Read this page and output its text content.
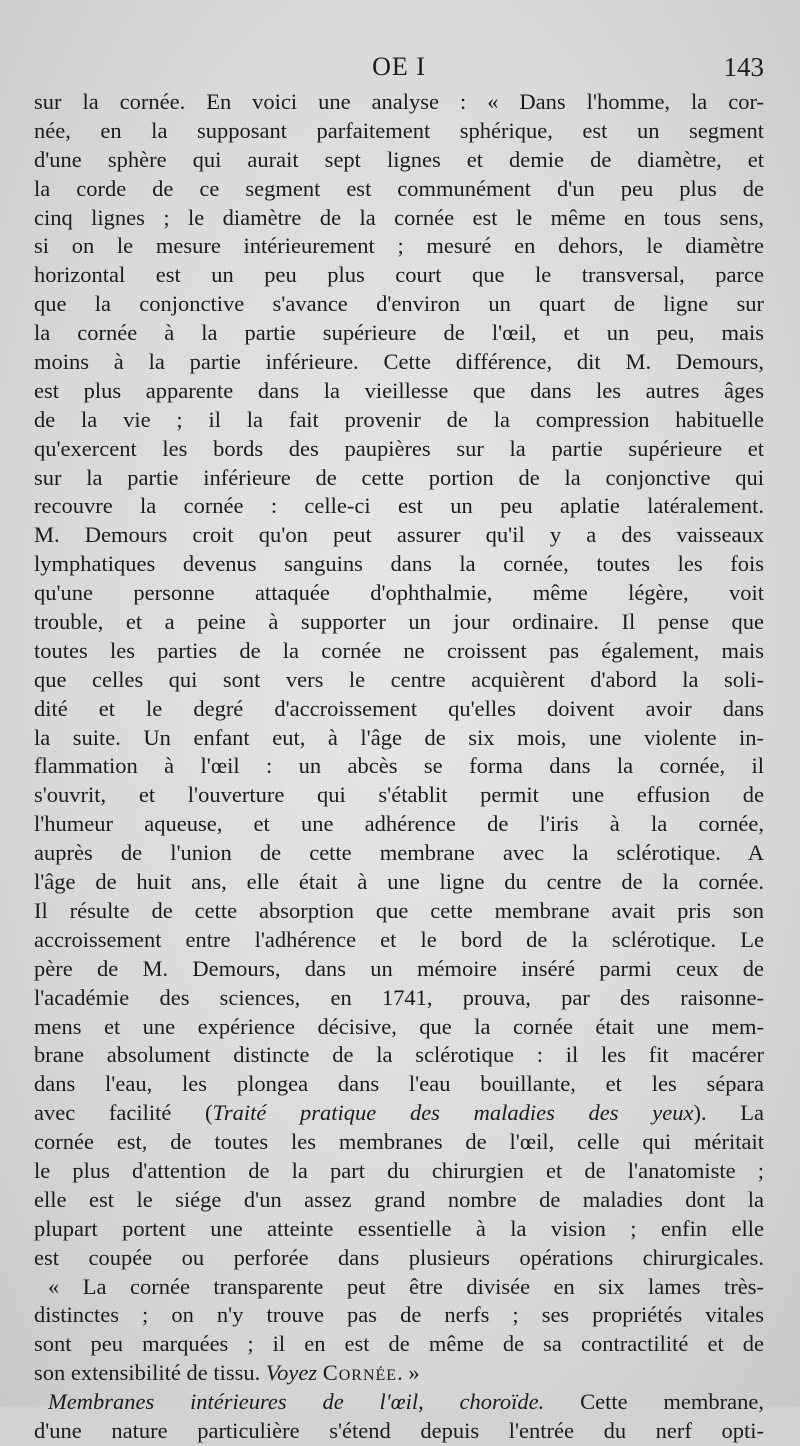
OE I	143
sur la cornée. En voici une analyse : « Dans l'homme, la cor-
née, en la supposant parfaitement sphérique, est un segment
d'une sphère qui aurait sept lignes et demie de diamètre, et
la corde de ce segment est communément d'un peu plus de
cinq lignes ; le diamètre de la cornée est le même en tous sens,
si on le mesure intérieurement ; mesuré en dehors, le diamètre
horizontal est un peu plus court que le transversal, parce
que la conjonctive s'avance d'environ un quart de ligne sur
la cornée à la partie supérieure de l'œil, et un peu, mais
moins à la partie inférieure. Cette différence, dit M. Demours,
est plus apparente dans la vieillesse que dans les autres âges
de la vie ; il la fait provenir de la compression habituelle
qu'exercent les bords des paupières sur la partie supérieure et
sur la partie inférieure de cette portion de la conjonctive qui
recouvre la cornée : celle-ci est un peu aplatie latéralement.
M. Demours croit qu'on peut assurer qu'il y a des vaisseaux
lymphatiques devenus sanguins dans la cornée, toutes les fois
qu'une personne attaquée d'ophthalmie, même légère, voit
trouble, et a peine à supporter un jour ordinaire. Il pense que
toutes les parties de la cornée ne croissent pas également, mais
que celles qui sont vers le centre acquièrent d'abord la soli-
dité et le degré d'accroissement qu'elles doivent avoir dans
la suite. Un enfant eut, à l'âge de six mois, une violente in-
flammation à l'œil : un abcès se forma dans la cornée, il
s'ouvrit, et l'ouverture qui s'établit permit une effusion de
l'humeur aqueuse, et une adhérence de l'iris à la cornée,
auprès de l'union de cette membrane avec la sclérotique. A
l'âge de huit ans, elle était à une ligne du centre de la cornée.
Il résulte de cette absorption que cette membrane avait pris son
accroissement entre l'adhérence et le bord de la sclérotique. Le
père de M. Demours, dans un mémoire inséré parmi ceux de
l'académie des sciences, en 1741, prouva, par des raisonne-
mens et une expérience décisive, que la cornée était une mem-
brane absolument distincte de la sclérotique : il les fit macérer
dans l'eau, les plongea dans l'eau bouillante, et les sépara
avec facilité (Traité pratique des maladies des yeux). La
cornée est, de toutes les membranes de l'œil, celle qui méritait
le plus d'attention de la part du chirurgien et de l'anatomiste ;
elle est le siége d'un assez grand nombre de maladies dont la
plupart portent une atteinte essentielle à la vision ; enfin elle
est coupée ou perforée dans plusieurs opérations chirurgicales.
« La cornée transparente peut être divisée en six lames très-
distinctes ; on n'y trouve pas de nerfs ; ses propriétés vitales
sont peu marquées ; il en est de même de sa contractilité et de
son extensibilité de tissu. Voyez Cornée. »
Membranes intérieures de l'œil, choroïde. Cette membrane,
d'une nature particulière s'étend depuis l'entrée du nerf opti-
